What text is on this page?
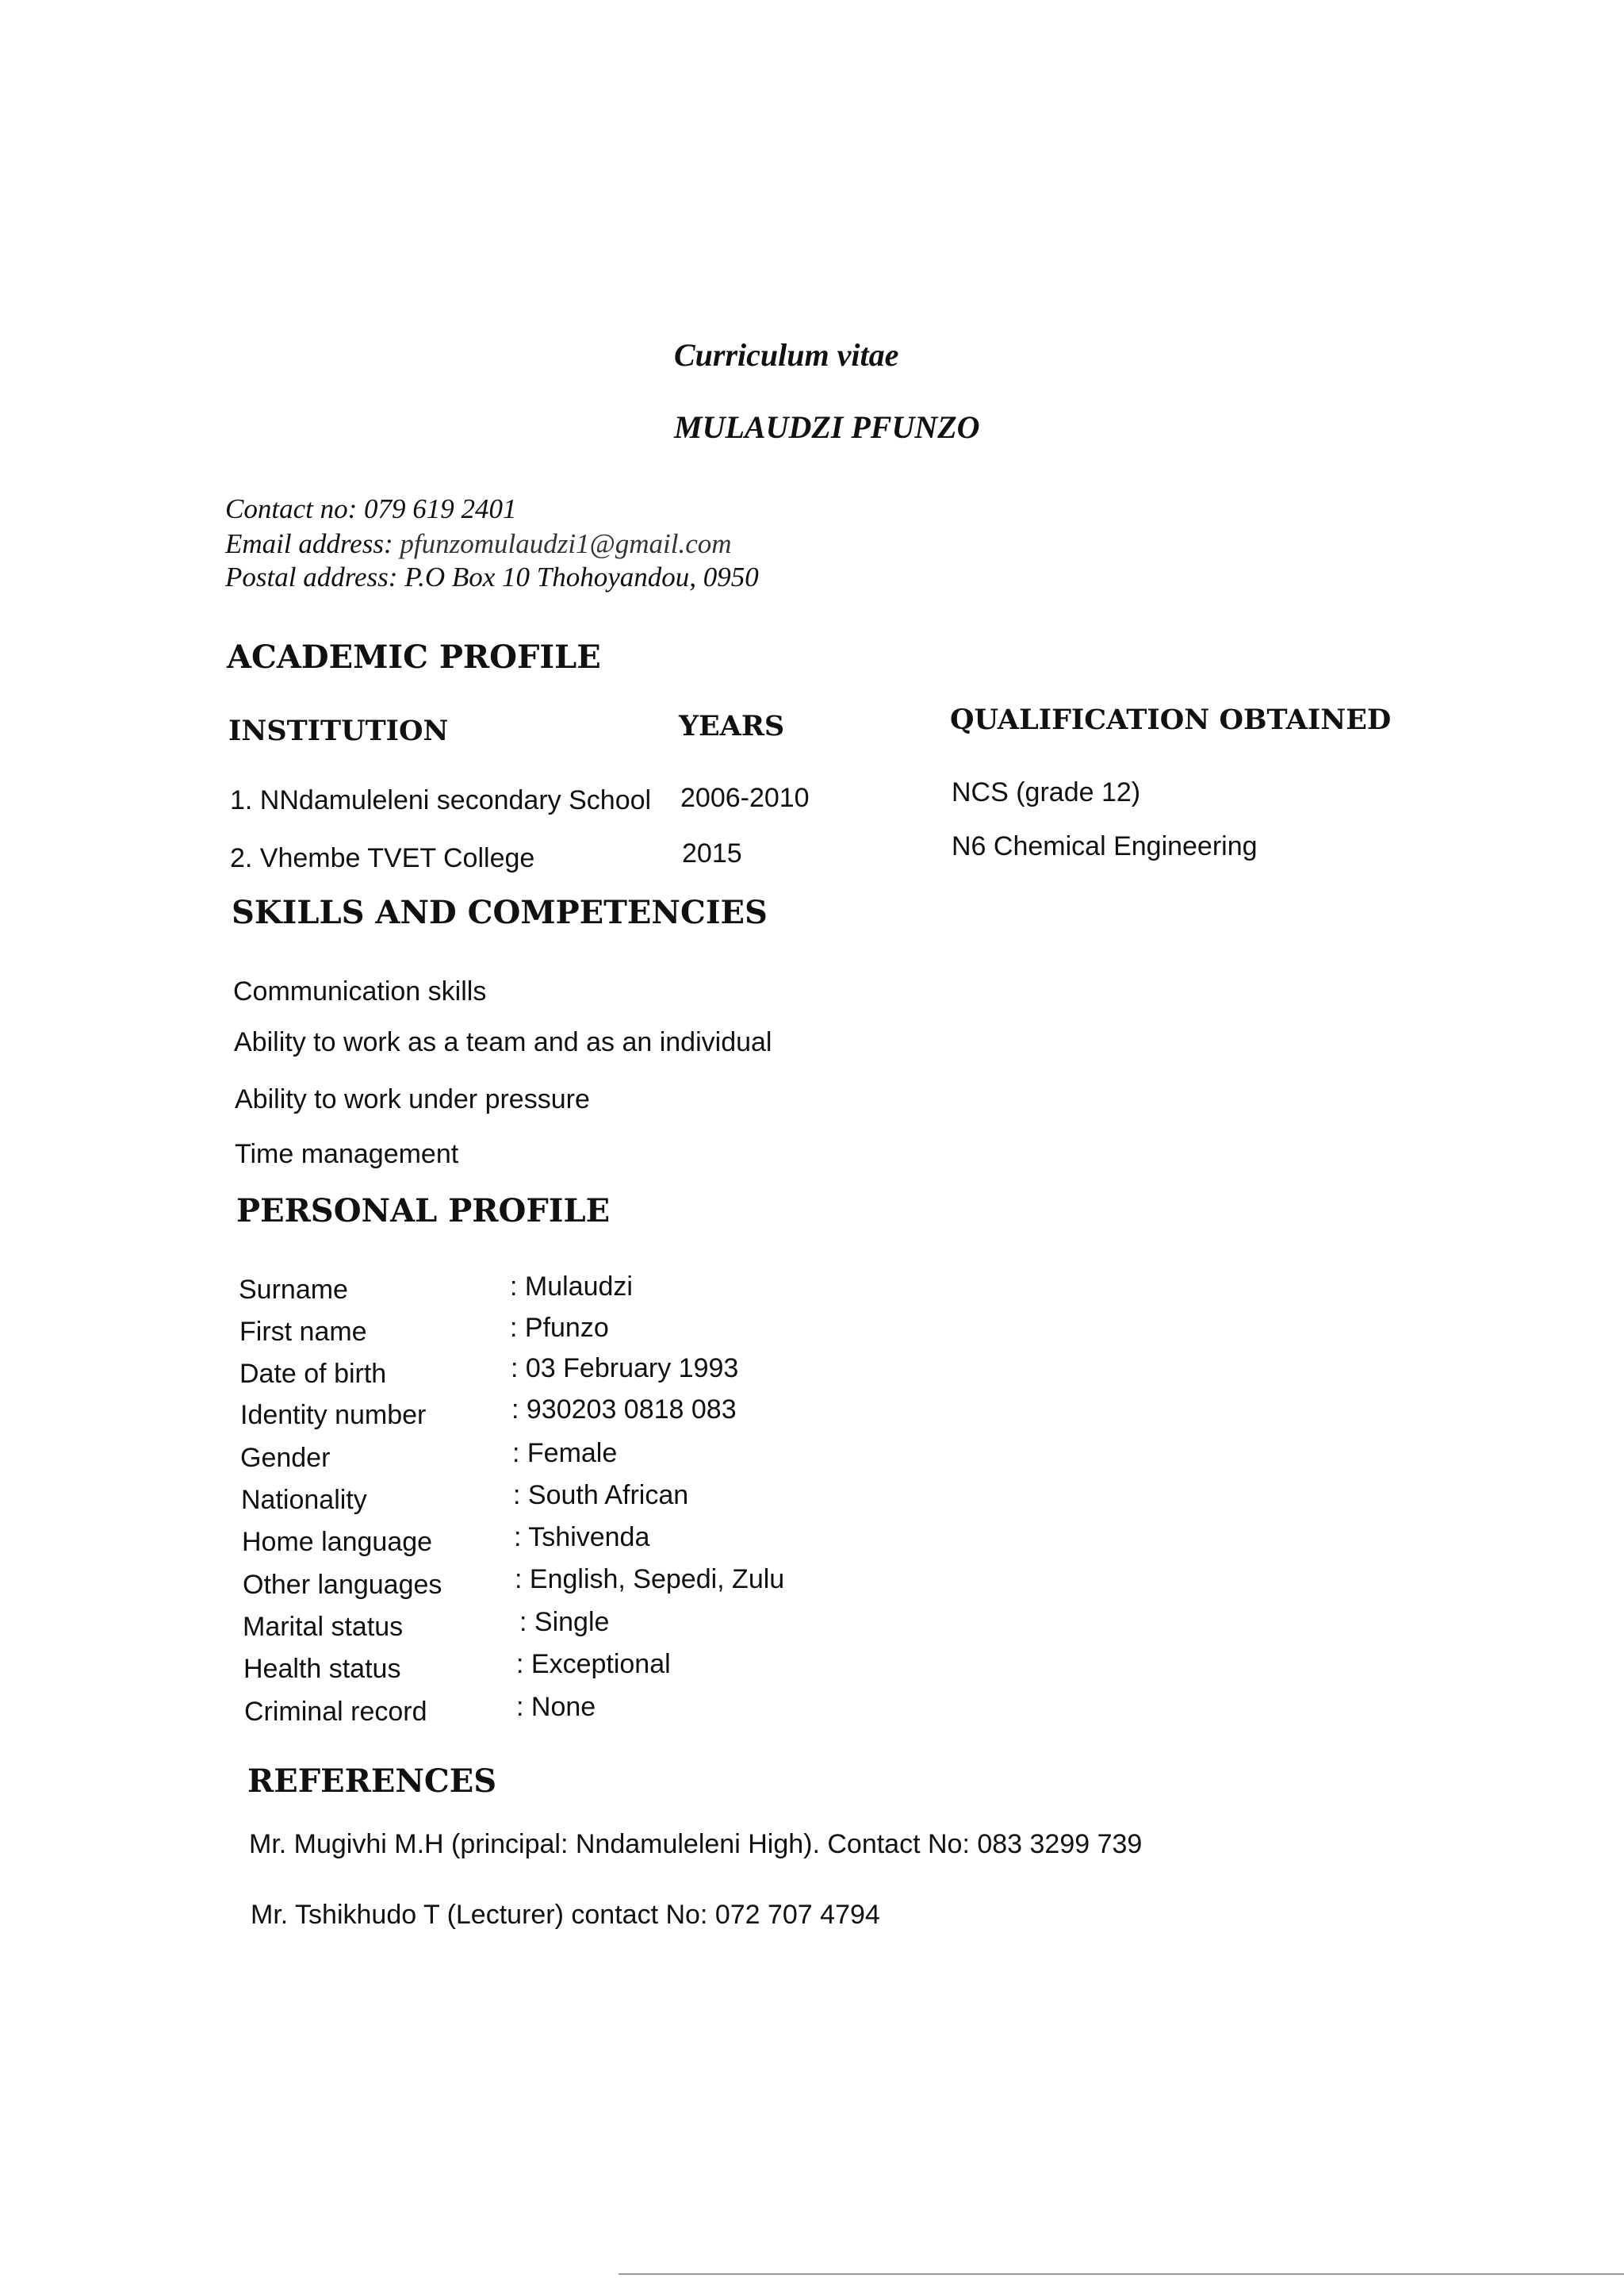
Curriculum vitae
MULAUDZI PFUNZO
Contact no: 079 619 2401
Email address: pfunzomulaudzi1@gmail.com
Postal address: P.O Box 10 Thohoyandou, 0950
ACADEMIC PROFILE
INSTITUTION	YEARS	QUALIFICATION OBTAINED
1. NNdamuleleni secondary School 2006-2010	NCS (grade 12)
2. Vhembe TVET College	2015	N6 Chemical Engineering
SKILLS AND COMPETENCIES
Communication skills
Ability to work as a team and as an individual
Ability to work under pressure
Time management
PERSONAL PROFILE
Surname	: Mulaudzi
First name	: Pfunzo
Date of birth	: 03 February 1993
Identity number	: 930203 0818 083
Gender	: Female
Nationality	: South African
Home language	: Tshivenda
Other languages	: English, Sepedi, Zulu
Marital status	: Single
Health status	: Exceptional
Criminal record	: None
REFERENCES
Mr. Mugivhi M.H (principal: Nndamuleleni High). Contact No: 083 3299 739
Mr. Tshikhudo T (Lecturer) contact No: 072 707 4794
